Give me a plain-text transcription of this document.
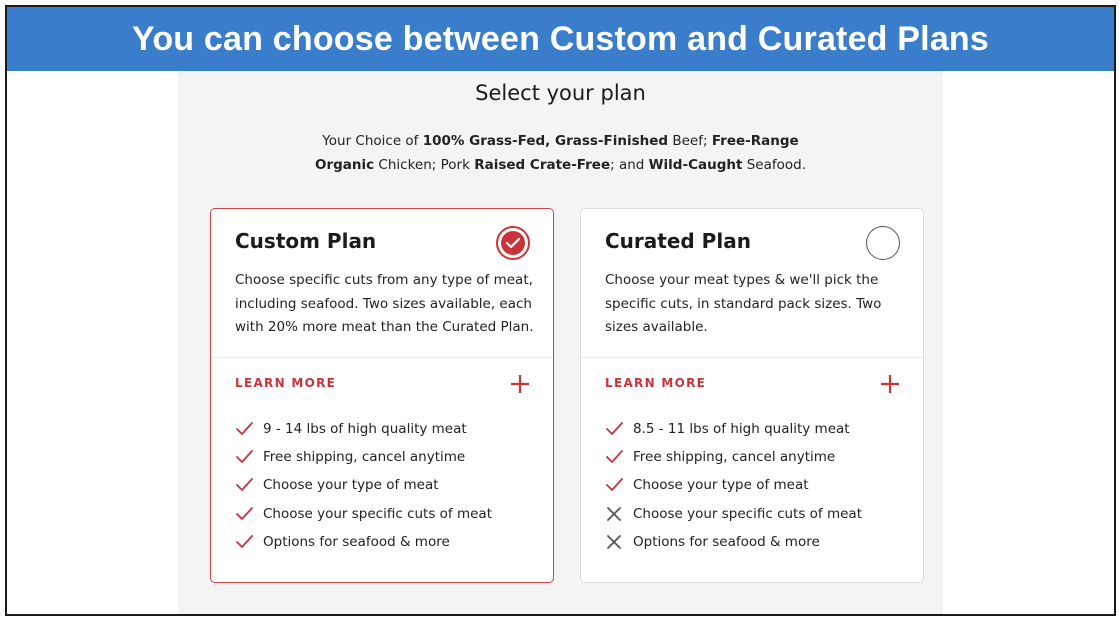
You can choose between Custom and Curated Plans
Select your plan
Your Choice of 100% Grass-Fed, Grass-Finished Beef; Free-Range
Organic Chicken; Pork Raised Crate-Free; and Wild-Caught Seafood.
Custom Plan
Choose specific cuts from any type of meat,
including seafood. Two sizes available, each
with 20% more meat than the Curated Plan.
LEARN MORE
9 - 14 lbs of high quality meat
Free shipping, cancel anytime
Choose your type of meat
Choose your specific cuts of meat
Options for seafood & more
Curated Plan
Choose your meat types & we'll pick the
specific cuts, in standard pack sizes. Two
sizes available.
LEARN MORE
8.5 - 11 lbs of high quality meat
Free shipping, cancel anytime
Choose your type of meat
Choose your specific cuts of meat
Options for seafood & more
